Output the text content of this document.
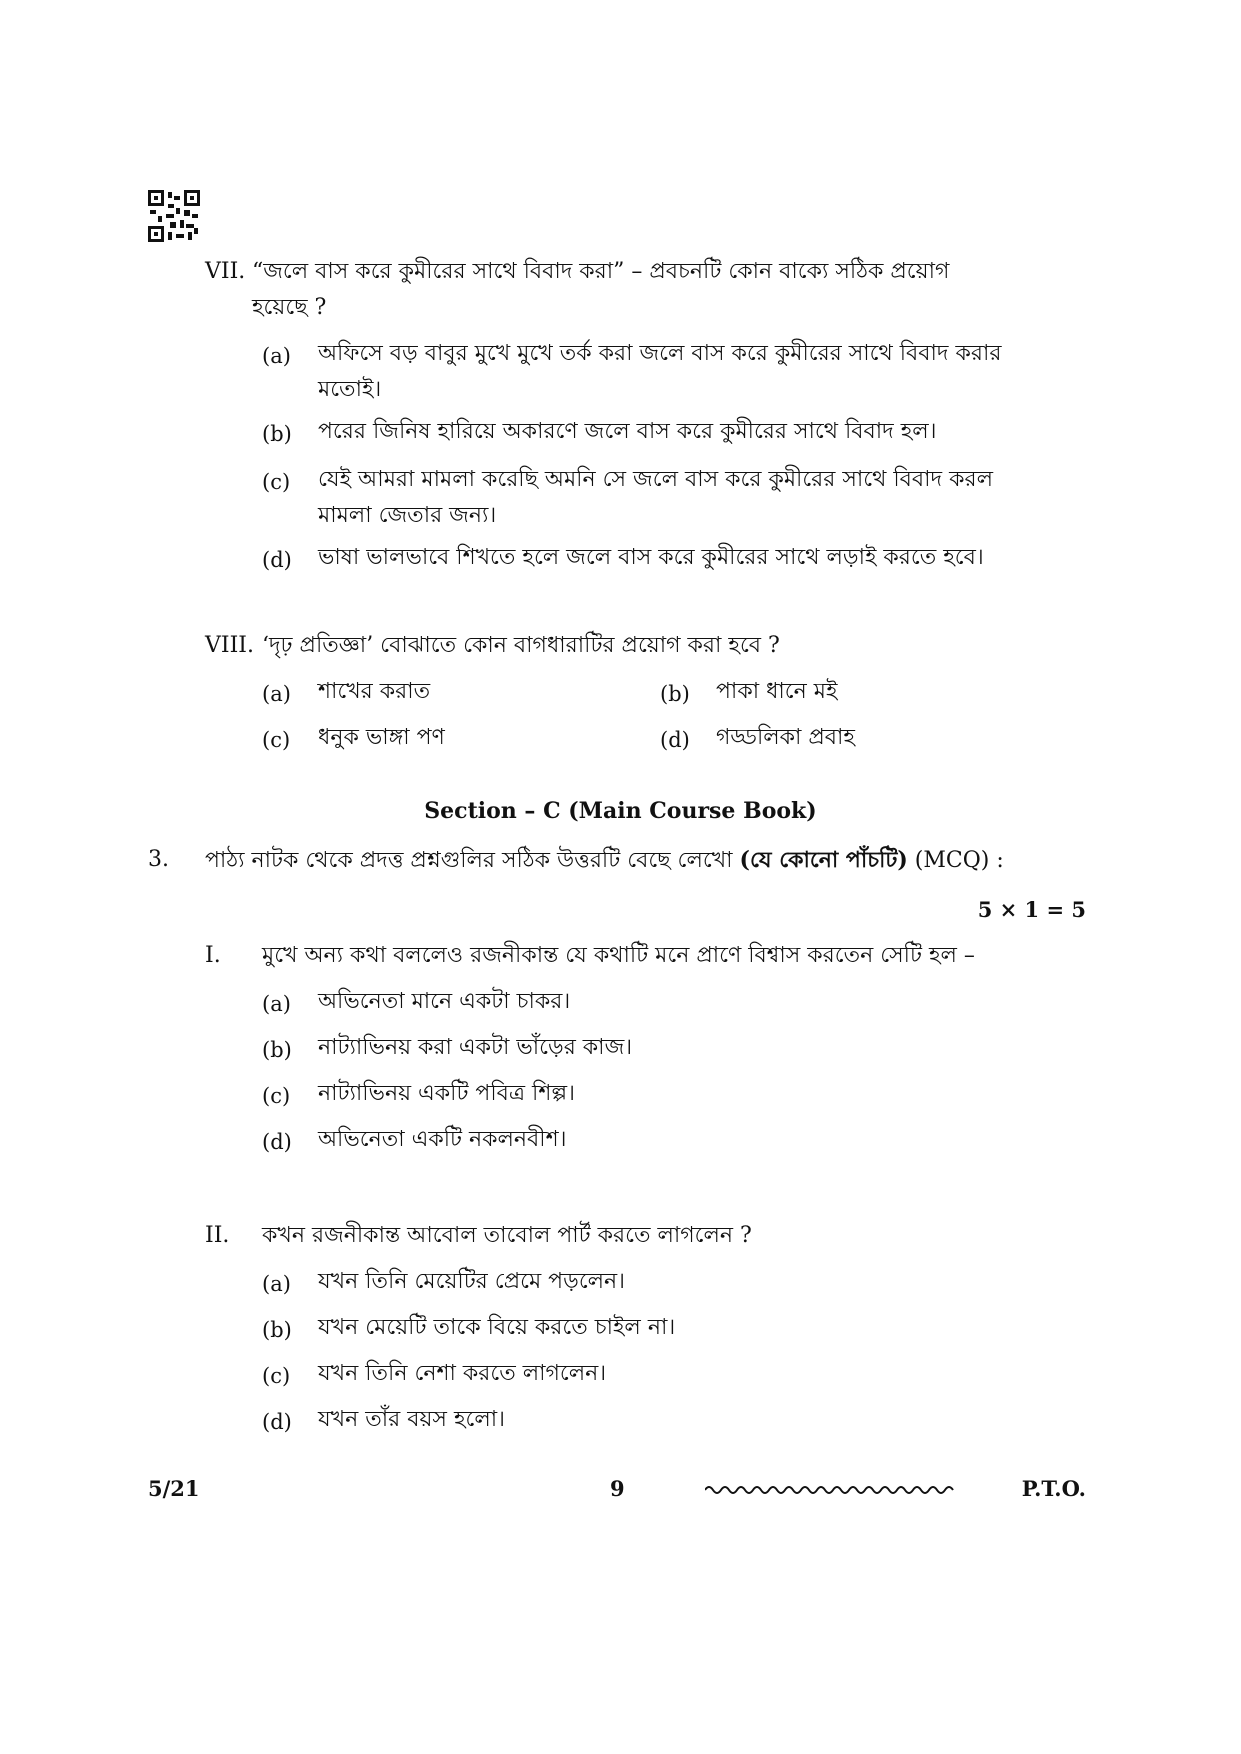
VII. “জলে বাস করে কুমীরের সাথে বিবাদ করা” – প্রবচনটি কোন বাক্যে সঠিক প্রয়োগ
হয়েছে ?
(a) অফিসে বড় বাবুর মুখে মুখে তর্ক করা জলে বাস করে কুমীরের সাথে বিবাদ করার
মতোই।
(b) পরের জিনিষ হারিয়ে অকারণে জলে বাস করে কুমীরের সাথে বিবাদ হল।
(c) যেই আমরা মামলা করেছি অমনি সে জলে বাস করে কুমীরের সাথে বিবাদ করল
মামলা জেতার জন্য।
(d) ভাষা ভালভাবে শিখতে হলে জলে বাস করে কুমীরের সাথে লড়াই করতে হবে।
VIII. ‘দৃঢ় প্রতিজ্ঞা’ বোঝাতে কোন বাগধারাটির প্রয়োগ করা হবে ?
(a) শাখের করাত	(b) পাকা ধানে মই
(c) ধনুক ভাঙ্গা পণ	(d) গড্ডলিকা প্রবাহ
Section – C (Main Course Book)
3. পাঠ্য নাটক থেকে প্রদত্ত প্রশ্নগুলির সঠিক উত্তরটি বেছে লেখো (যে কোনো পাঁচটি) (MCQ) :
5 × 1 = 5
I. মুখে অন্য কথা বললেও রজনীকান্ত যে কথাটি মনে প্রাণে বিশ্বাস করতেন সেটি হল –
(a) অভিনেতা মানে একটা চাকর।
(b) নাট্যাভিনয় করা একটা ভাঁড়ের কাজ।
(c) নাট্যাভিনয় একটি পবিত্র শিল্প।
(d) অভিনেতা একটি নকলনবীশ।
II. কখন রজনীকান্ত আবোল তাবোল পার্ট করতে লাগলেন ?
(a) যখন তিনি মেয়েটির প্রেমে পড়লেন।
(b) যখন মেয়েটি তাকে বিয়ে করতে চাইল না।
(c) যখন তিনি নেশা করতে লাগলেন।
(d) যখন তাঁর বয়স হলো।
5/21	9	P.T.O.
